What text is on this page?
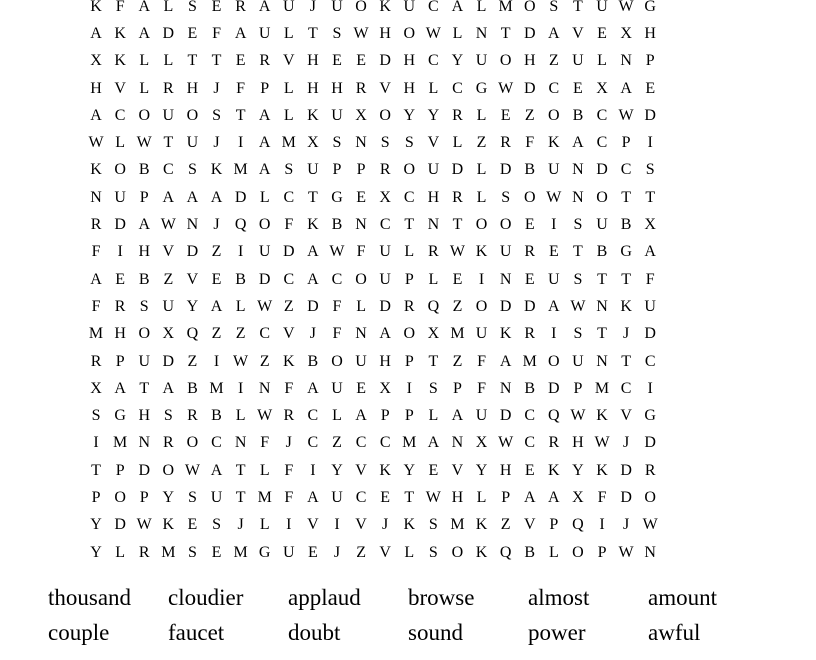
K F A L S E R A U J U O K U C A L M O S T U W G
A K A D E F A U L T S W H O W L N T D A V E X H
X K L L T T E R V H E E D H C Y U O H Z U L N P
H V L R H J	F P L H H R V H L C G W D C E X A E
A C O U O S T A L K U X O Y Y R L E Z O B C W D
W L W T U J	I A M X S N S S V L Z R F K A C P	I
K O B C S K M A S U P P R O U D L D B U N D C S
N U P A A A D L C T G E X C H R L S O W N O T T
R D A W N J Q O F K B N C T N T O O E	I	S U B X
F	I H V D Z	I U D A W F U L R W K U R E T B G A
A E B Z V E B D C A C O U P L E	I N E U S T T F
F R S U Y A L W Z D F L D R Q Z O D D A W N K U
M H O X Q Z Z C V J	F N A O X M U K R	I	S T	J D
R P U D Z	I W Z K B O U H P T Z F A M O U N T C
X A T A B M I N F A U E X I	S P F N B D P M C	I
S G H S R B L W R C L A P P L A U D C Q W K V G
I M N R O C N F	J C Z C C M A N X W C R H W J D
T P D O W A T L F	I Y V K Y E V Y H E K Y K D R
P O P Y S U T M F A U C E T W H L P A A X F D O
Y D W K E S	J	L	I V I V J K S M K Z V P Q I	J W
Y L R M S E M G U E	J	Z V L S O K Q B L O P W N
thousand	cloudier	applaud	browse	almost	amount
couple	faucet	doubt	sound	power	awful
